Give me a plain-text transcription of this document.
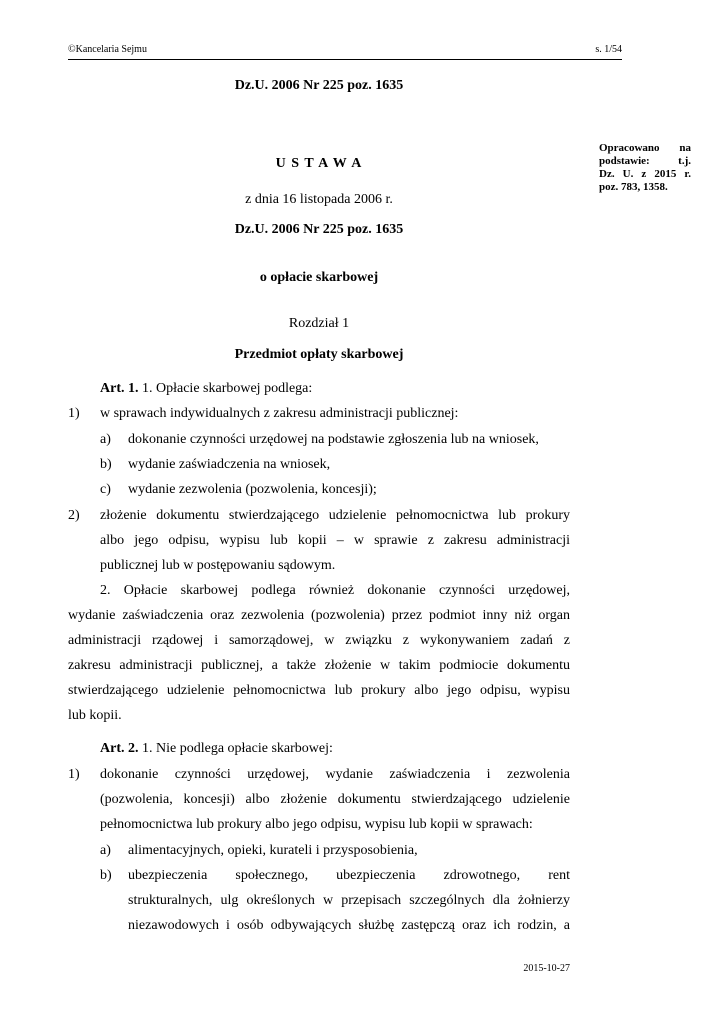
©Kancelaria Sejmu	s. 1/54
Dz.U. 2006 Nr 225 poz. 1635
Opracowano na
podstawie: t.j.
Dz. U. z 2015 r.
poz. 783, 1358.
U S T A W A
z dnia 16 listopada 2006 r.
Dz.U. 2006 Nr 225 poz. 1635
o opłacie skarbowej
Rozdział 1
Przedmiot opłaty skarbowej
Art. 1. 1. Opłacie skarbowej podlega:
1) w sprawach indywidualnych z zakresu administracji publicznej:
a) dokonanie czynności urzędowej na podstawie zgłoszenia lub na wniosek,
b) wydanie zaświadczenia na wniosek,
c) wydanie zezwolenia (pozwolenia, koncesji);
2) złożenie dokumentu stwierdzającego udzielenie pełnomocnictwa lub prokury
albo jego odpisu, wypisu lub kopii – w sprawie z zakresu administracji
publicznej lub w postępowaniu sądowym.
2. Opłacie skarbowej podlega również dokonanie czynności urzędowej,
wydanie zaświadczenia oraz zezwolenia (pozwolenia) przez podmiot inny niż organ
administracji rządowej i samorządowej, w związku z wykonywaniem zadań z
zakresu administracji publicznej, a także złożenie w takim podmiocie dokumentu
stwierdzającego udzielenie pełnomocnictwa lub prokury albo jego odpisu, wypisu
lub kopii.
Art. 2. 1. Nie podlega opłacie skarbowej:
1) dokonanie czynności urzędowej, wydanie zaświadczenia i zezwolenia
(pozwolenia, koncesji) albo złożenie dokumentu stwierdzającego udzielenie
pełnomocnictwa lub prokury albo jego odpisu, wypisu lub kopii w sprawach:
a) alimentacyjnych, opieki, kurateli i przysposobienia,
b) ubezpieczenia społecznego, ubezpieczenia zdrowotnego, rent
strukturalnych, ulg określonych w przepisach szczególnych dla żołnierzy
niezawodowych i osób odbywających służbę zastępczą oraz ich rodzin, a
2015-10-27
